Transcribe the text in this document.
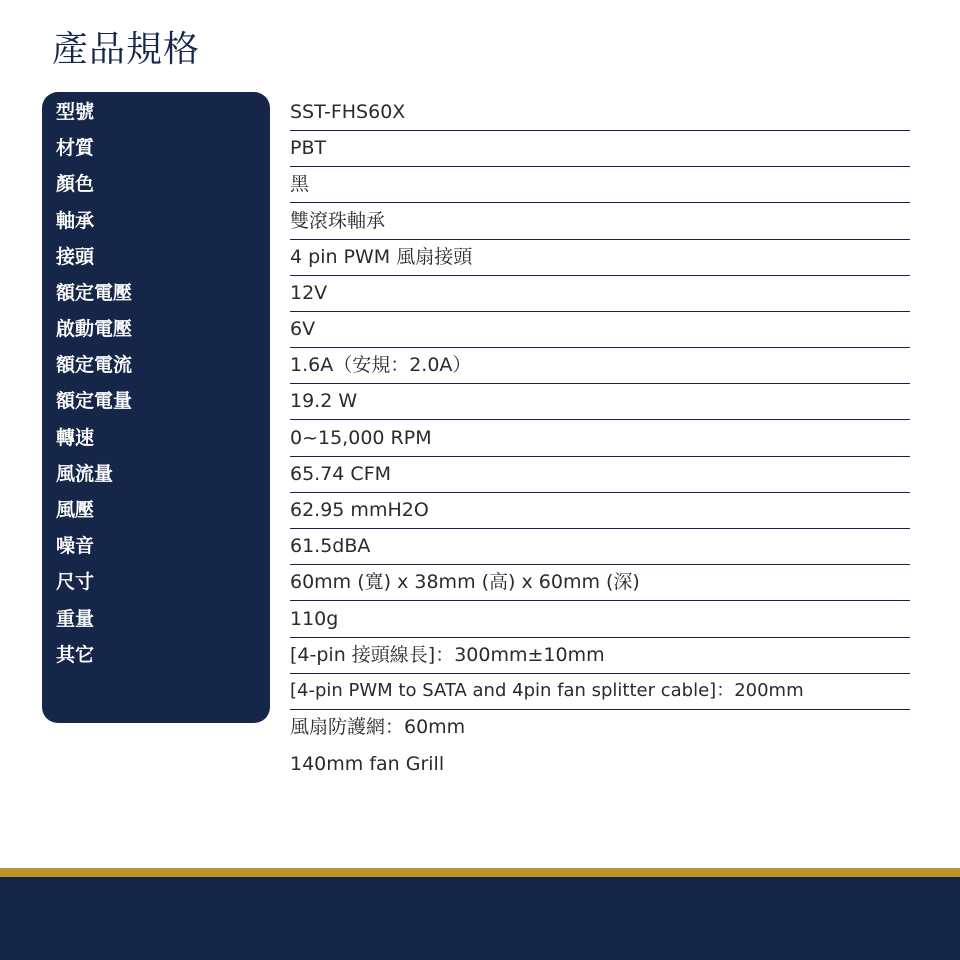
產品規格
型號
材質
顏色
軸承
接頭
額定電壓
啟動電壓
額定電流
額定電量
轉速
風流量
風壓
噪音
尺寸
重量
其它
SST-FHS60X
PBT
黑
雙滾珠軸承
4 pin PWM 風扇接頭
12V
6V
1.6A（安規：2.0A）
19.2 W
0~15,000 RPM
65.74 CFM
62.95 mmH2O
61.5dBA
60mm (寬) x 38mm (高) x 60mm (深)
110g
[4-pin 接頭線長]：300mm±10mm
[4-pin PWM to SATA and 4pin fan splitter cable]：200mm
風扇防護網：60mm
140mm fan Grill
